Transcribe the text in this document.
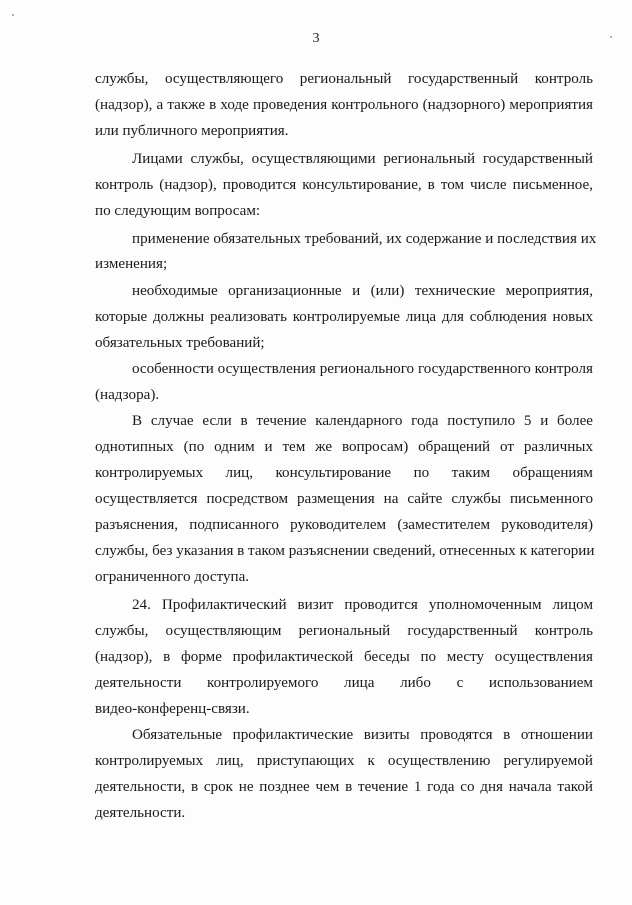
3
службы, осуществляющего региональный государственный контроль
(надзор), а также в ходе проведения контрольного (надзорного) мероприятия
или публичного мероприятия.
Лицами службы, осуществляющими региональный государственный
контроль (надзор), проводится консультирование, в том числе письменное,
по следующим вопросам:
применение обязательных требований, их содержание и последствия их
изменения;
необходимые организационные и (или) технические мероприятия,
которые должны реализовать контролируемые лица для соблюдения новых
обязательных требований;
особенности осуществления регионального государственного контроля
(надзора).
В случае если в течение календарного года поступило 5 и более
однотипных (по одним и тем же вопросам) обращений от различных
контролируемых лиц, консультирование по таким обращениям
осуществляется посредством размещения на сайте службы письменного
разъяснения, подписанного руководителем (заместителем руководителя)
службы, без указания в таком разъяснении сведений, отнесенных к категории
ограниченного доступа.
24. Профилактический визит проводится уполномоченным лицом
службы, осуществляющим региональный государственный контроль
(надзор), в форме профилактической беседы по месту осуществления
деятельности контролируемого лица либо с использованием
видео-конференц-связи.
Обязательные профилактические визиты проводятся в отношении
контролируемых лиц, приступающих к осуществлению регулируемой
деятельности, в срок не позднее чем в течение 1 года со дня начала такой
деятельности.
